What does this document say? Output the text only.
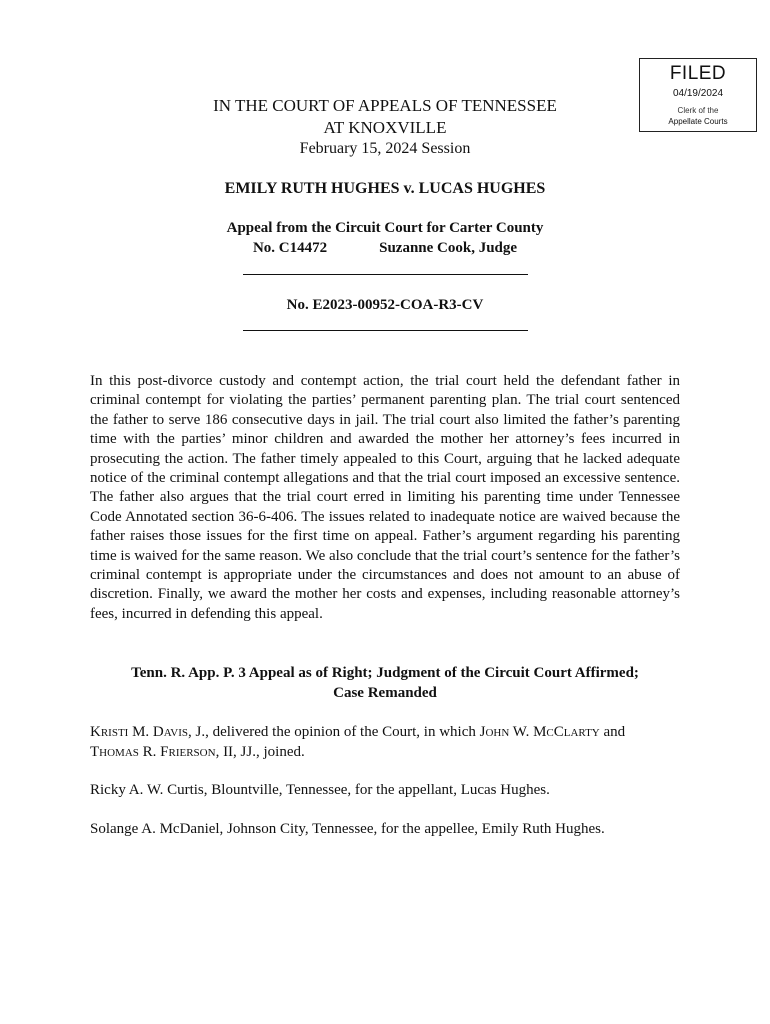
FILED
04/19/2024
Clerk of the
Appellate Courts
IN THE COURT OF APPEALS OF TENNESSEE
AT KNOXVILLE
February 15, 2024 Session
EMILY RUTH HUGHES v. LUCAS HUGHES
Appeal from the Circuit Court for Carter County
No. C14472	Suzanne Cook, Judge
No. E2023-00952-COA-R3-CV

In this post-divorce custody and contempt action, the trial court held the defendant father in criminal contempt for violating the parties’ permanent parenting plan. The trial court sentenced the father to serve 186 consecutive days in jail. The trial court also limited the father’s parenting time with the parties’ minor children and awarded the mother her attorney’s fees incurred in prosecuting the action. The father timely appealed to this Court, arguing that he lacked adequate notice of the criminal contempt allegations and that the trial court imposed an excessive sentence. The father also argues that the trial court erred in limiting his parenting time under Tennessee Code Annotated section 36-6-406. The issues related to inadequate notice are waived because the father raises those issues for the first time on appeal. Father’s argument regarding his parenting time is waived for the same reason. We also conclude that the trial court’s sentence for the father’s criminal contempt is appropriate under the circumstances and does not amount to an abuse of discretion. Finally, we award the mother her costs and expenses, including reasonable attorney’s fees, incurred in defending this appeal.

Tenn. R. App. P. 3 Appeal as of Right; Judgment of the Circuit Court Affirmed;
Case Remanded

Kristi M. Davis, J., delivered the opinion of the Court, in which John W. McClarty and

Thomas R. Frierson, II, JJ., joined.

Ricky A. W. Curtis, Blountville, Tennessee, for the appellant, Lucas Hughes.

Solange A. McDaniel, Johnson City, Tennessee, for the appellee, Emily Ruth Hughes.
